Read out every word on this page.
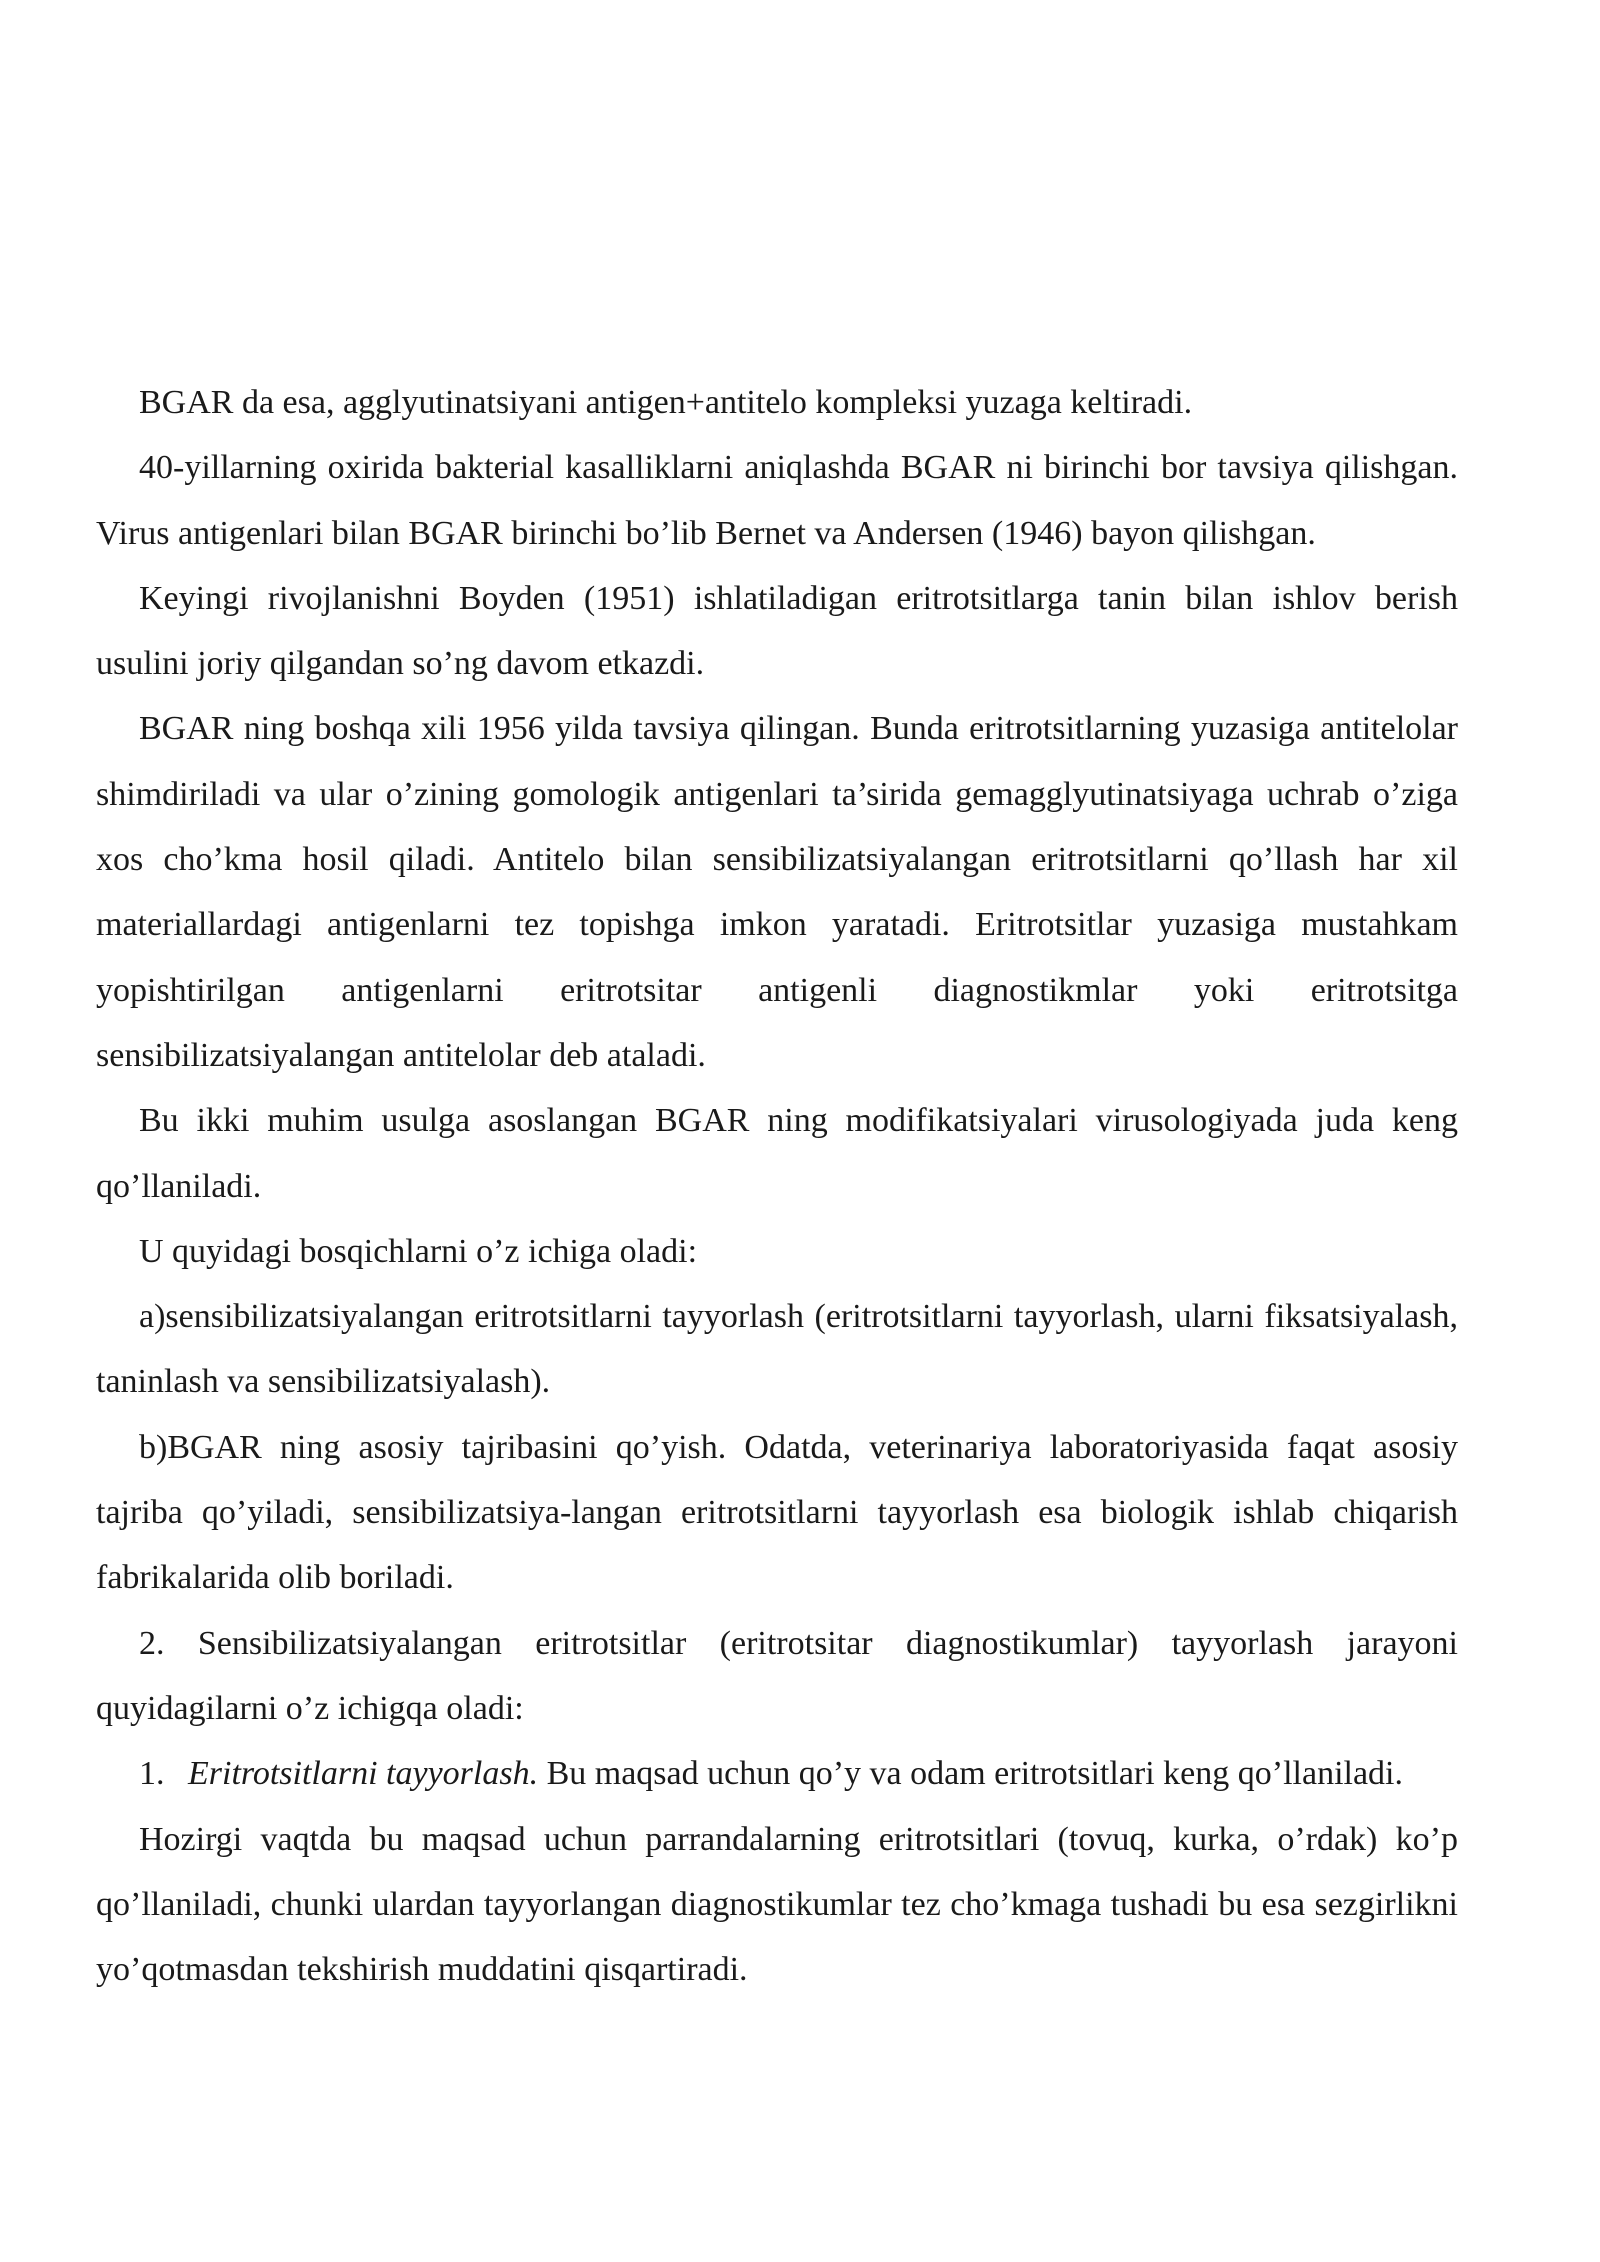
BGAR da esa, agglyutinatsiyani antigen+antitelo kompleksi yuzaga keltiradi.

40-yillarning oxirida bakterial kasalliklarni aniqlashda BGAR ni birinchi bor tavsiya qilishgan. Virus antigenlari bilan BGAR birinchi bo’lib Bernet va Andersen (1946) bayon qilishgan.

Keyingi rivojlanishni Boyden (1951) ishlatiladigan eritrotsitlarga tanin bilan ishlov berish usulini joriy qilgandan so’ng davom etkazdi.

BGAR ning boshqa xili 1956 yilda tavsiya qilingan. Bunda eritrotsitlarning yuzasiga antitelolar shimdiriladi va ular o’zining gomologik antigenlari ta’sirida gemagglyutinatsiyaga uchrab o’ziga xos cho’kma hosil qiladi. Antitelo bilan sensibilizatsiyalangan eritrotsitlarni qo’llash har xil materiallardagi antigenlarni tez topishga imkon yaratadi. Eritrotsitlar yuzasiga mustahkam yopishtirilgan antigenlarni eritrotsitar antigenli diagnostikmlar yoki eritrotsitga sensibilizatsiyalangan antitelolar deb ataladi.

Bu ikki muhim usulga asoslangan BGAR ning modifikatsiyalari virusologiyada juda keng qo’llaniladi.

U quyidagi bosqichlarni o’z ichiga oladi:

a)sensibilizatsiyalangan eritrotsitlarni tayyorlash (eritrotsitlarni tayyorlash, ularni fiksatsiyalash, taninlash va sensibilizatsiyalash).

b)BGAR ning asosiy tajribasini qo’yish. Odatda, veterinariya laboratoriyasida faqat asosiy tajriba qo’yiladi, sensibilizatsiya-langan eritrotsitlarni tayyorlash esa biologik ishlab chiqarish fabrikalarida olib boriladi.

2. Sensibilizatsiyalangan eritrotsitlar (eritrotsitar diagnostikumlar) tayyorlash jarayoni quyidagilarni o’z ichigqa oladi:

1. Eritrotsitlarni tayyorlash. Bu maqsad uchun qo’y va odam eritrotsitlari keng qo’llaniladi.

Hozirgi vaqtda bu maqsad uchun parrandalarning eritrotsitlari (tovuq, kurka, o’rdak) ko’p qo’llaniladi, chunki ulardan tayyorlangan diagnostikumlar tez cho’kmaga tushadi bu esa sezgirlikni yo’qotmasdan tekshirish muddatini qisqartiradi.
